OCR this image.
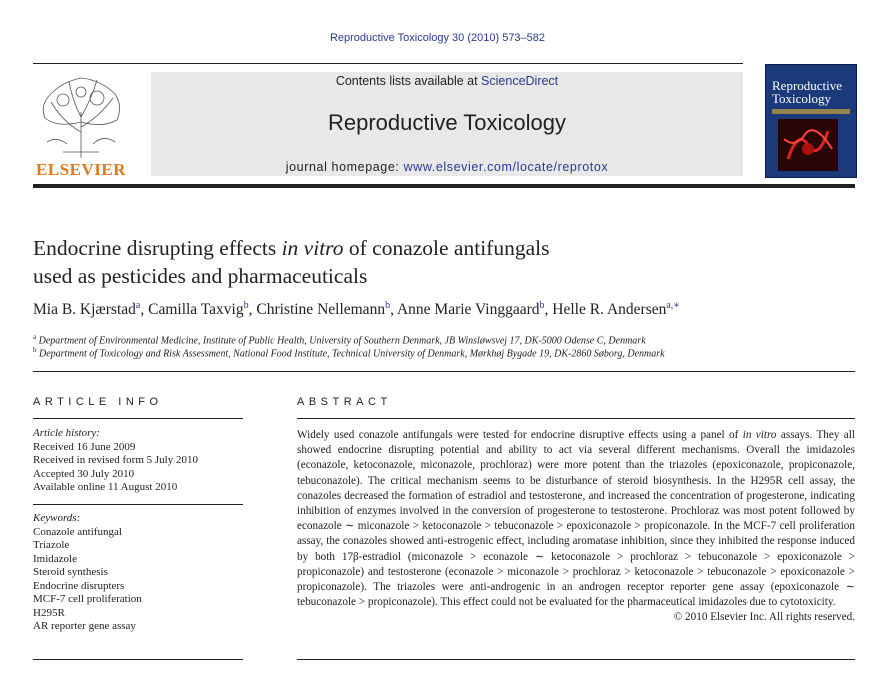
Reproductive Toxicology 30 (2010) 573–582
ELSEVIER
Contents lists available at ScienceDirect
Reproductive Toxicology
journal homepage: www.elsevier.com/locate/reprotox
Reproductive Toxicology
Endocrine disrupting effects in vitro of conazole antifungals
used as pesticides and pharmaceuticals
Mia B. Kjærstad$^a$, Camilla Taxvig$^b$, Christine Nellemann$^b$, Anne Marie Vinggaard$^b$, Helle R. Andersen$^{a,∗}$
$^a$ Department of Environmental Medicine, Institute of Public Health, University of Southern Denmark, JB Winsløwsvej 17, DK-5000 Odense C, Denmark
$^b$ Department of Toxicology and Risk Assessment, National Food Institute, Technical University of Denmark, Mørkhøj Bygade 19, DK-2860 Søborg, Denmark
ARTICLE INFO
Article history:
Received 16 June 2009
Received in revised form 5 July 2010
Accepted 30 July 2010
Available online 11 August 2010
Keywords:
Conazole antifungal
Triazole
Imidazole
Steroid synthesis
Endocrine disrupters
MCF-7 cell proliferation
H295R
AR reporter gene assay
ABSTRACT
Widely used conazole antifungals were tested for endocrine disruptive effects using a panel of in vitro assays. They all showed endocrine disrupting potential and ability to act via several different mechanisms. Overall the imidazoles (econazole, ketoconazole, miconazole, prochloraz) were more potent than the triazoles (epoxiconazole, propiconazole, tebuconazole). The critical mechanism seems to be disturbance of steroid biosynthesis. In the H295R cell assay, the conazoles decreased the formation of estradiol and testosterone, and increased the concentration of progesterone, indicating inhibition of enzymes involved in the conversion of progesterone to testosterone. Prochloraz was most potent followed by econazole ∼ miconazole > ketoconazole > tebuconazole > epoxiconazole > propiconazole. In the MCF-7 cell proliferation assay, the conazoles showed anti-estrogenic effect, including aromatase inhibition, since they inhibited the response induced by both 17β-estradiol (miconazole > econazole ∼ ketoconazole > prochloraz > tebuconazole > epoxiconazole > propiconazole) and testosterone (econazole > miconazole > prochloraz > ketoconazole > tebuconazole > epoxiconazole > propiconazole). The triazoles were anti-androgenic in an androgen receptor reporter gene assay (epoxiconazole ∼ tebuconazole > propiconazole). This effect could not be evaluated for the pharmaceutical imidazoles due to cytotoxicity.
© 2010 Elsevier Inc. All rights reserved.
